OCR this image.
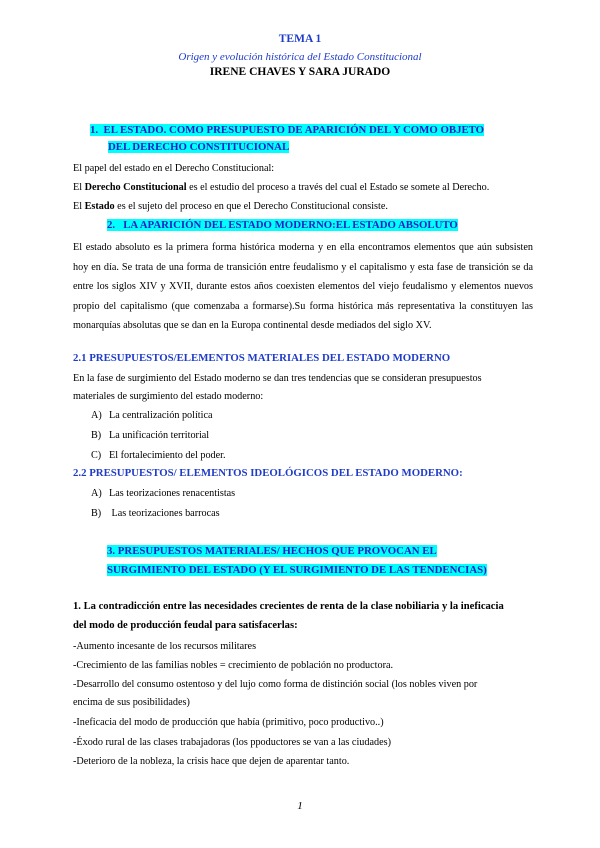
TEMA 1
Origen y evolución histórica del Estado Constitucional
IRENE CHAVES Y SARA JURADO
1. EL ESTADO. COMO PRESUPUESTO DE APARICIÓN DEL Y COMO OBJETO
DEL DERECHO CONSTITUCIONAL
El papel del estado en el Derecho Constitucional:
El Derecho Constitucional es el estudio del proceso a través del cual el Estado se somete al Derecho.
El Estado es el sujeto del proceso en que el Derecho Constitucional consiste.
2. LA APARICIÓN DEL ESTADO MODERNO:EL ESTADO ABSOLUTO
El estado absoluto es la primera forma histórica moderna y en ella encontramos elementos que aún subsisten hoy en día. Se trata de una forma de transición entre feudalismo y el capitalismo y esta fase de transición se da entre los siglos XIV y XVII, durante estos años coexisten elementos del viejo feudalismo y elementos nuevos propio del capitalismo (que comenzaba a formarse).Su forma histórica más representativa la constituyen las monarquías absolutas que se dan en la Europa continental desde mediados del siglo XV.
2.1 PRESUPUESTOS/ELEMENTOS MATERIALES DEL ESTADO MODERNO
En la fase de surgimiento del Estado moderno se dan tres tendencias que se consideran presupuestos
materiales de surgimiento del estado moderno:
A) La centralización política
B) La unificación territorial
C) El fortalecimiento del poder.
2.2 PRESUPUESTOS/ ELEMENTOS IDEOLÓGICOS DEL ESTADO MODERNO:
A) Las teorizaciones renacentistas
B) Las teorizaciones barrocas
3. PRESUPUESTOS MATERIALES/ HECHOS QUE PROVOCAN EL
SURGIMIENTO DEL ESTADO (Y EL SURGIMIENTO DE LAS TENDENCIAS)
1. La contradicción entre las necesidades crecientes de renta de la clase nobiliaria y la ineficacia
del modo de producción feudal para satisfacerlas:
-Aumento incesante de los recursos militares
-Crecimiento de las familias nobles = crecimiento de población no productora.
-Desarrollo del consumo ostentoso y del lujo como forma de distinción social (los nobles viven por
encima de sus posibilidades)
-Ineficacia del modo de producción que había (primitivo, poco productivo..)
-Éxodo rural de las clases trabajadoras (los ppoductores se van a las ciudades)
-Deterioro de la nobleza, la crisis hace que dejen de aparentar tanto.
1
